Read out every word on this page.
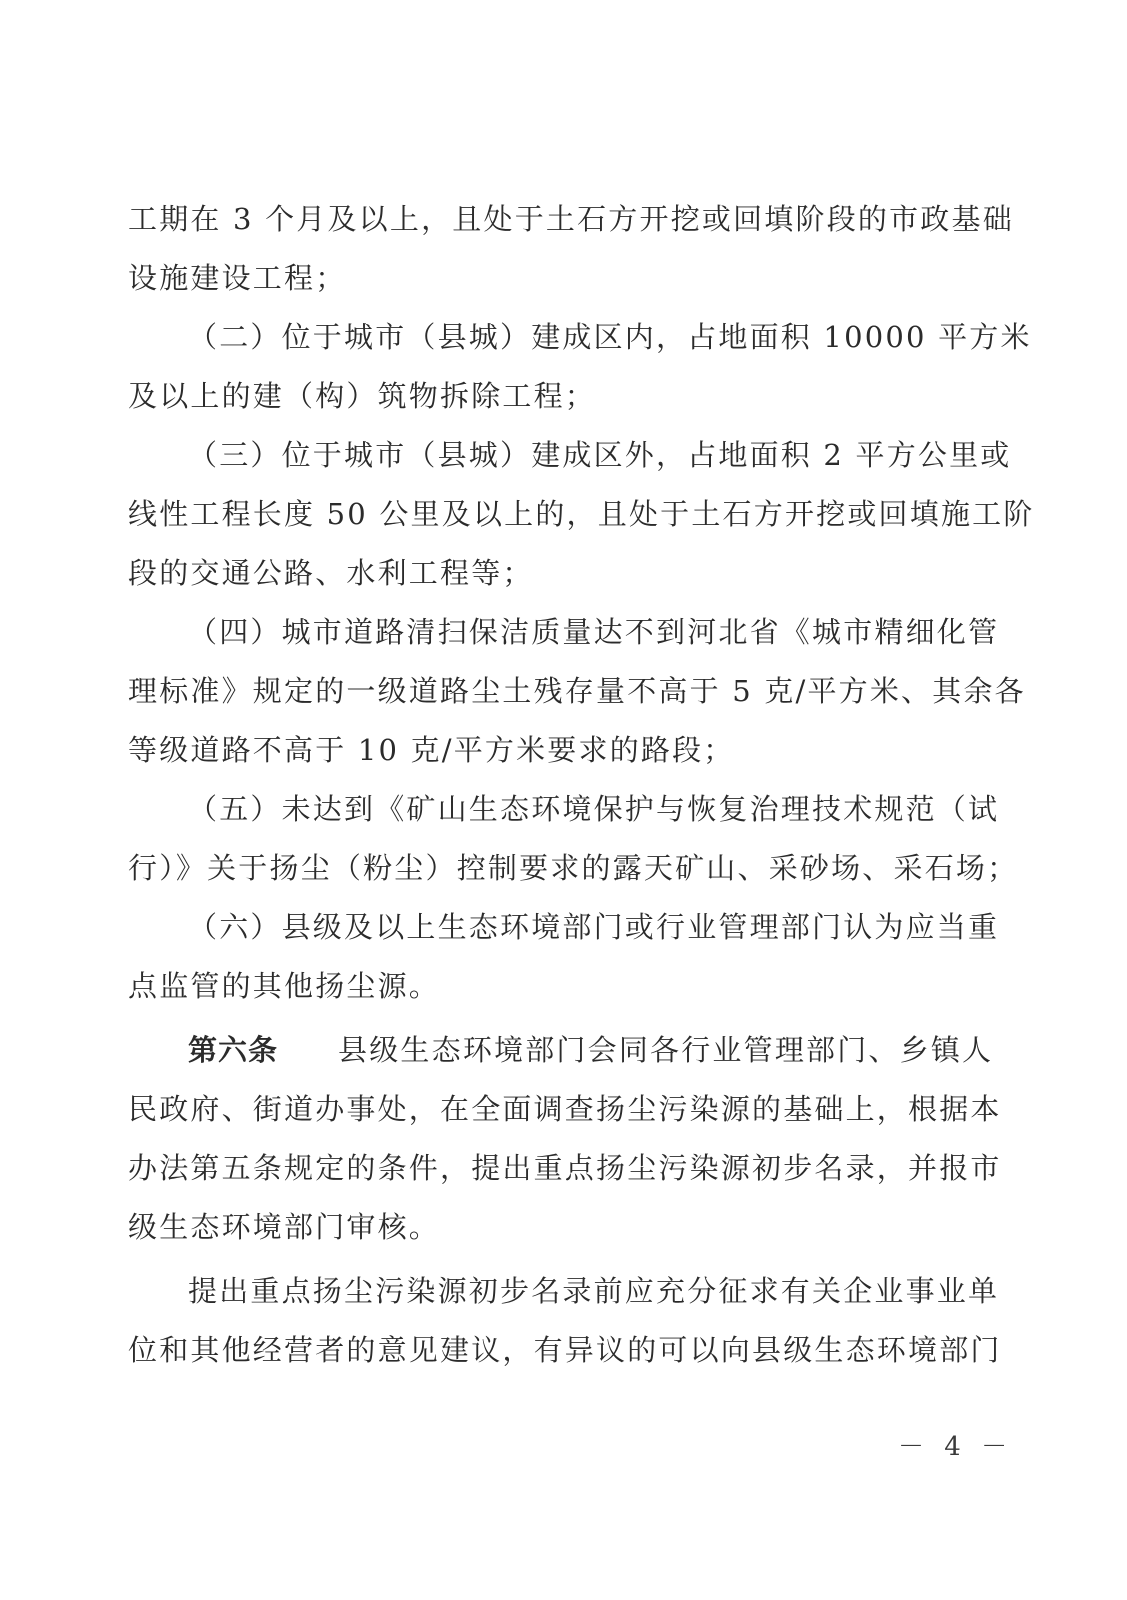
工期在 3 个月及以上，且处于土石方开挖或回填阶段的市政基础
设施建设工程；
（二）位于城市（县城）建成区内，占地面积 10000 平方米
及以上的建（构）筑物拆除工程；
（三）位于城市（县城）建成区外，占地面积 2 平方公里或
线性工程长度 50 公里及以上的，且处于土石方开挖或回填施工阶
段的交通公路、水利工程等；
（四）城市道路清扫保洁质量达不到河北省《城市精细化管
理标准》规定的一级道路尘土残存量不高于 5 克/平方米、其余各
等级道路不高于 10 克/平方米要求的路段；
（五）未达到《矿山生态环境保护与恢复治理技术规范（试
行）》关于扬尘（粉尘）控制要求的露天矿山、采砂场、采石场；
（六）县级及以上生态环境部门或行业管理部门认为应当重
点监管的其他扬尘源。
第六条 县级生态环境部门会同各行业管理部门、乡镇人
民政府、街道办事处，在全面调查扬尘污染源的基础上，根据本
办法第五条规定的条件，提出重点扬尘污染源初步名录，并报市
级生态环境部门审核。
提出重点扬尘污染源初步名录前应充分征求有关企业事业单
位和其他经营者的意见建议，有异议的可以向县级生态环境部门
－ 4 －
